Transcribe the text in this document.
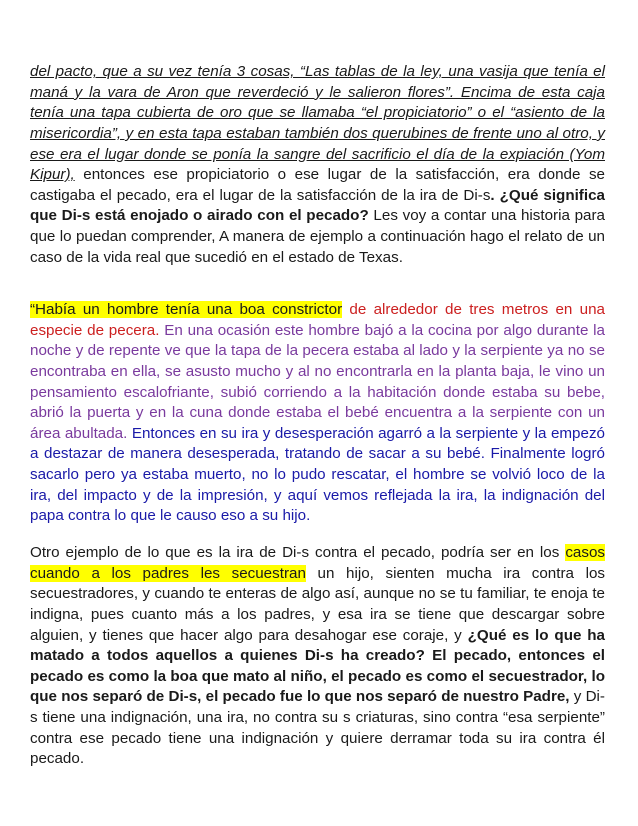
del pacto, que a su vez tenía 3 cosas, “Las tablas de la ley, una vasija que tenía el maná y la vara de Aron que reverdeció y le salieron flores”. Encima de esta caja tenía una tapa cubierta de oro que se llamaba “el propiciatorio” o el “asiento de la misericordia”, y en esta tapa estaban también dos querubines de frente uno al otro, y ese era el lugar donde se ponía la sangre del sacrificio el día de la expiación (Yom Kipur), entonces ese propiciatorio o ese lugar de la satisfacción, era donde se castigaba el pecado, era el lugar de la satisfacción de la ira de Di-s. ¿Qué significa que Di-s está enojado o airado con el pecado? Les voy a contar una historia para que lo puedan comprender, A manera de ejemplo a continuación hago el relato de un caso de la vida real que sucedió en el estado de Texas.

“Había un hombre tenía una boa constrictor de alrededor de tres metros en una especie de pecera. En una ocasión este hombre bajó a la cocina por algo durante la noche y de repente ve que la tapa de la pecera estaba al lado y la serpiente ya no se encontraba en ella, se asusto mucho y al no encontrarla en la planta baja, le vino un pensamiento escalofriante, subió corriendo a la habitación donde estaba su bebe, abrió la puerta y en la cuna donde estaba el bebé encuentra a la serpiente con un área abultada. Entonces en su ira y desesperación agarró a la serpiente y la empezó a destazar de manera desesperada, tratando de sacar a su bebé. Finalmente logró sacarlo pero ya estaba muerto, no lo pudo rescatar, el hombre se volvió loco de la ira, del impacto y de la impresión, y aquí vemos reflejada la ira, la indignación del papa contra lo que le causo eso a su hijo.

Otro ejemplo de lo que es la ira de Di-s contra el pecado, podría ser en los casos cuando a los padres les secuestran un hijo, sienten mucha ira contra los secuestradores, y cuando te enteras de algo así, aunque no se tu familiar, te enoja te indigna, pues cuanto más a los padres, y esa ira se tiene que descargar sobre alguien, y tienes que hacer algo para desahogar ese coraje, y ¿Qué es lo que ha matado a todos aquellos a quienes Di-s ha creado? El pecado, entonces el pecado es como la boa que mato al niño, el pecado es como el secuestrador, lo que nos separó de Di-s, el pecado fue lo que nos separó de nuestro Padre, y Di-s tiene una indignación, una ira, no contra su s criaturas, sino contra “esa serpiente” contra ese pecado tiene una indignación y quiere derramar toda su ira contra él pecado.
